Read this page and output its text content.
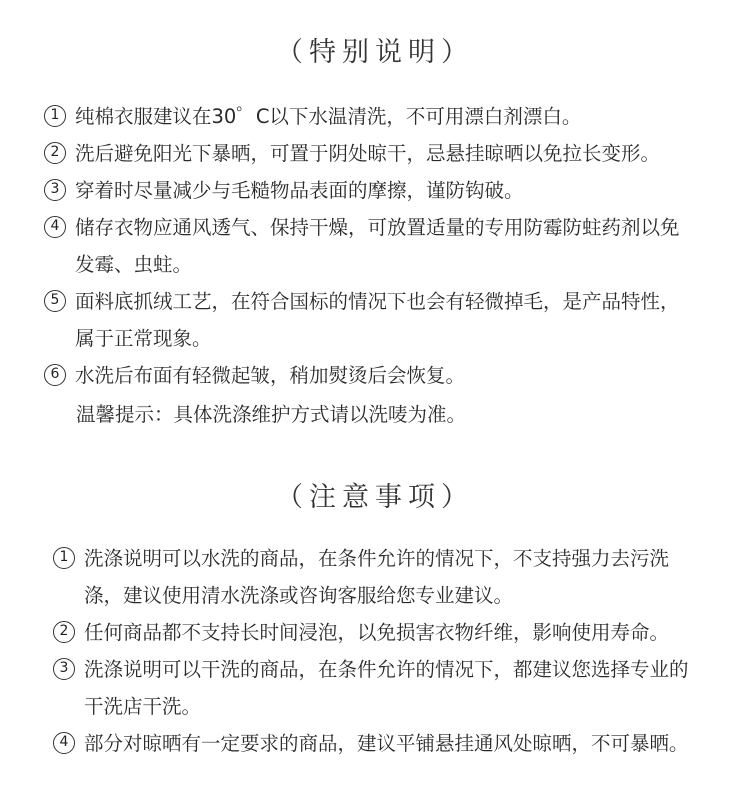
（特别说明）
1 纯棉衣服建议在30゜C以下水温清洗，不可用漂白剂漂白。
2 洗后避免阳光下暴晒，可置于阴处晾干，忌悬挂晾晒以免拉长变形。
3 穿着时尽量减少与毛糙物品表面的摩擦，谨防钩破。
4 储存衣物应通风透气、保持干燥，可放置适量的专用防霉防蛀药剂以免发霉、虫蛀。
5 面料底抓绒工艺，在符合国标的情况下也会有轻微掉毛，是产品特性，属于正常现象。
6 水洗后布面有轻微起皱，稍加熨烫后会恢复。
温馨提示：具体洗涤维护方式请以洗唛为准。
（注意事项）
1 洗涤说明可以水洗的商品，在条件允许的情况下，不支持强力去污洗涤，建议使用清水洗涤或咨询客服给您专业建议。
2 任何商品都不支持长时间浸泡，以免损害衣物纤维，影响使用寿命。
3 洗涤说明可以干洗的商品，在条件允许的情况下，都建议您选择专业的干洗店干洗。
4 部分对晾晒有一定要求的商品，建议平铺悬挂通风处晾晒，不可暴晒。
